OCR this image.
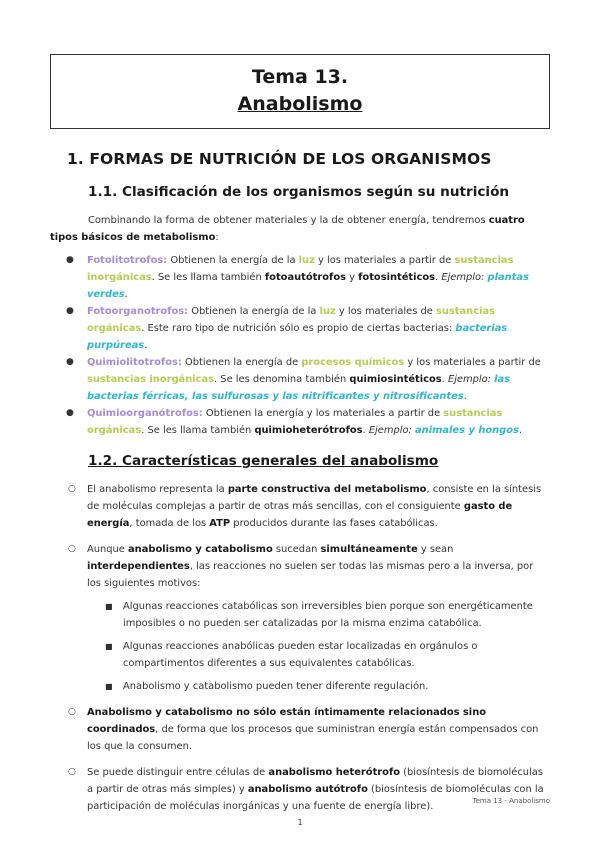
Tema 13.
Anabolismo
1. FORMAS DE NUTRICIÓN DE LOS ORGANISMOS
1.1. Clasificación de los organismos según su nutrición
Combinando la forma de obtener materiales y la de obtener energía, tendremos cuatro tipos básicos de metabolismo:
● Fotolitotrofos: Obtienen la energía de la luz y los materiales a partir de sustancias inorgánicas. Se les llama también fotoautótrofos y fotosintéticos. Ejemplo: plantas verdes.
● Fotoorganotrofos: Obtienen la energía de la luz y los materiales de sustancias orgánicas. Este raro tipo de nutrición sólo es propio de ciertas bacterias: bacterias purpúreas.
● Quimiolitotrofos: Obtienen la energía de procesos químicos y los materiales a partir de sustancias inorgánicas. Se les denomina también quimiosintéticos. Ejemplo: las bacterias férricas, las sulfurosas y las nitrificantes y nitrosificantes.
● Quimioorganótrofos: Obtienen la energía y los materiales a partir de sustancias orgánicas. Se les llama también quimioheterótrofos. Ejemplo: animales y hongos.
1.2. Características generales del anabolismo
○ El anabolismo representa la parte constructiva del metabolismo, consiste en la síntesis de moléculas complejas a partir de otras más sencillas, con el consiguiente gasto de energía, tomada de los ATP producidos durante las fases catabólicas.
○ Aunque anabolismo y catabolismo sucedan simultáneamente y sean interdependientes, las reacciones no suelen ser todas las mismas pero a la inversa, por los siguientes motivos:
■ Algunas reacciones catabólicas son irreversibles bien porque son energéticamente imposibles o no pueden ser catalizadas por la misma enzima catabólica.
■ Algunas reacciones anabólicas pueden estar localizadas en orgánulos o compartimentos diferentes a sus equivalentes catabólicas.
■ Anabolismo y catabolismo pueden tener diferente regulación.
○ Anabolismo y catabolismo no sólo están íntimamente relacionados sino coordinados, de forma que los procesos que suministran energía están compensados con los que la consumen.
○ Se puede distinguir entre células de anabolismo heterótrofo (biosíntesis de biomoléculas a partir de otras más simples) y anabolismo autótrofo (biosíntesis de biomoléculas con la participación de moléculas inorgánicas y una fuente de energía libre).	Tema 13 - Anabolismo
1
